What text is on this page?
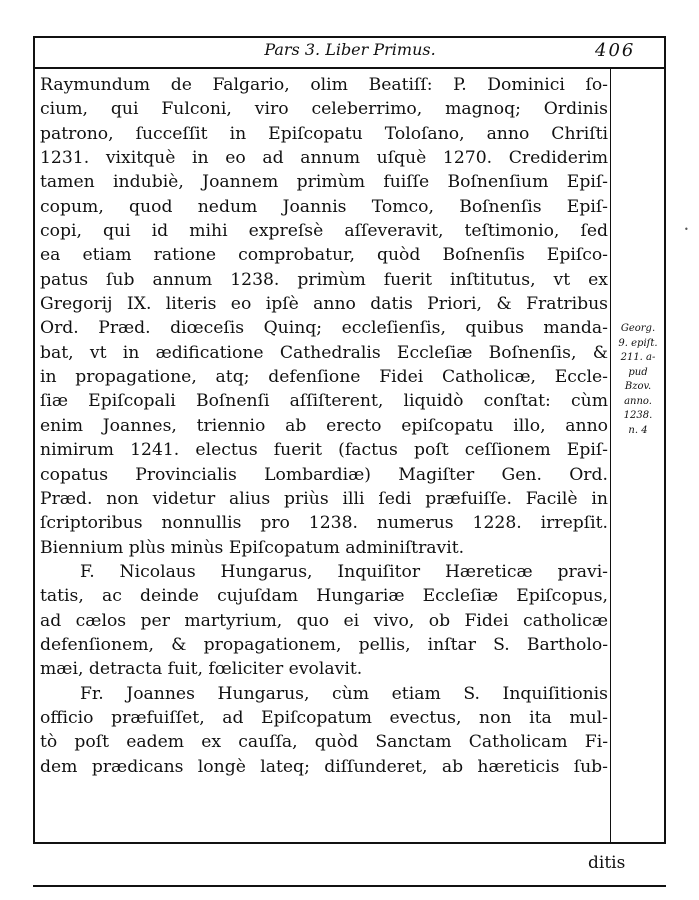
Pars 3. Liber Primus.	406
Raymundum de Falgario, olim Beatiſſ: P. Dominici ſo-
cium, qui Fulconi, viro celeberrimo, magnoq; Ordinis
patrono, ſucceſſit in Epiſcopatu Toloſano, anno Chriſti
1231. vixitquè in eo ad annum uſquè 1270. Crediderim
tamen indubiè, Joannem primùm fuiſſe Boſnenſium Epiſ-
copum, quod nedum Joannis Tomco, Boſnenſis Epiſ-
copi, qui id mihi expreſsè aſſeveravit, teſtimonio, ſed
ea etiam ratione comprobatur, quòd Boſnenſis Epiſco-
patus ſub annum 1238. primùm fuerit inſtitutus, vt ex
Gregorij IX. literis eo ipſè anno datis Priori, & Fratribus
Ord. Præd. diœceſis Quinq; eccleſienſis, quibus manda-
bat, vt in ædificatione Cathedralis Eccleſiæ Boſnenſis, &
in propagatione, atq; defenſione Fidei Catholicæ, Eccle-
ſiæ Epiſcopali Boſnenſi aſſiſterent, liquidò conſtat: cùm
enim Joannes, triennio ab erecto epiſcopatu illo, anno
nimirum 1241. electus fuerit (factus poſt ceſſionem Epiſ-
copatus Provincialis Lombardiæ) Magiſter Gen. Ord.
Præd. non videtur alius priùs illi ſedi præfuiſſe. Facilè in
ſcriptoribus nonnullis pro 1238. numerus 1228. irrepſit.
Biennium plùs minùs Epiſcopatum adminiſtravit.
F. Nicolaus Hungarus, Inquiſitor Hæreticæ pravi-
tatis, ac deinde cujuſdam Hungariæ Eccleſiæ Epiſcopus,
ad cælos per martyrium, quo ei vivo, ob Fidei catholicæ
defenſionem, & propagationem, pellis, inſtar S. Bartholo-
mæi, detracta fuit, fœliciter evolavit.
Fr. Joannes Hungarus, cùm etiam S. Inquiſitionis
officio præfuiſſet, ad Epiſcopatum evectus, non ita mul-
tò poſt eadem ex cauſſa, quòd Sanctam Catholicam Fi-
dem prædicans longè lateq; diſſunderet, ab hæreticis ſub-
Georg.
9. epiſt.
211. a-
pud
Bzov.
anno.
1238.
n. 4
•
ditis
